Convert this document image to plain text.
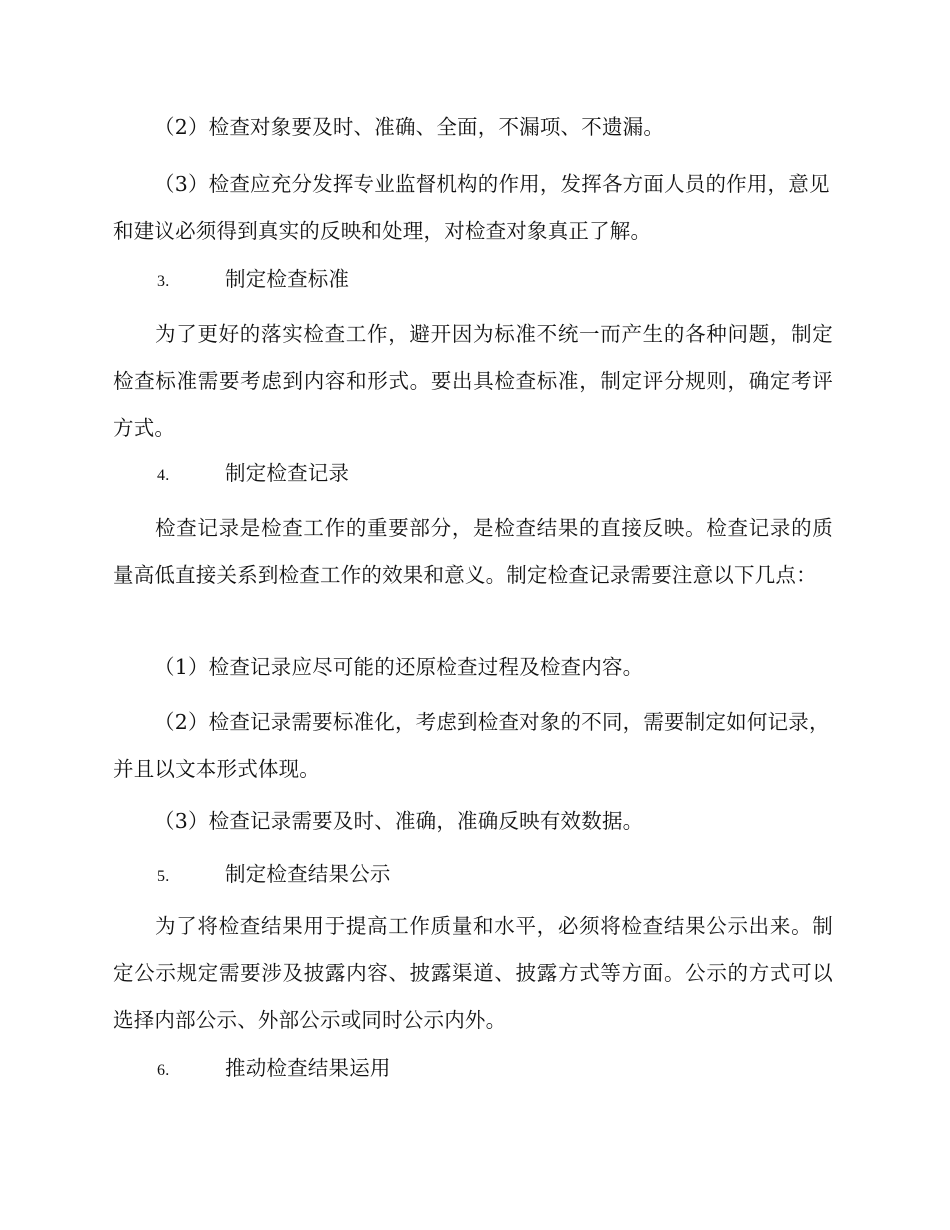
（2）检查对象要及时、准确、全面，不漏项、不遗漏。

（3）检查应充分发挥专业监督机构的作用，发挥各方面人员的作用，意见和建议必须得到真实的反映和处理，对检查对象真正了解。

3.	制定检查标准

为了更好的落实检查工作，避开因为标准不统一而产生的各种问题，制定检查标准需要考虑到内容和形式。要出具检查标准，制定评分规则，确定考评方式。

4.	制定检查记录

检查记录是检查工作的重要部分，是检查结果的直接反映。检查记录的质量高低直接关系到检查工作的效果和意义。制定检查记录需要注意以下几点：

（1）检查记录应尽可能的还原检查过程及检查内容。

（2）检查记录需要标准化，考虑到检查对象的不同，需要制定如何记录，并且以文本形式体现。

（3）检查记录需要及时、准确，准确反映有效数据。

5.	制定检查结果公示

为了将检查结果用于提高工作质量和水平，必须将检查结果公示出来。制定公示规定需要涉及披露内容、披露渠道、披露方式等方面。公示的方式可以选择内部公示、外部公示或同时公示内外。

6.	推动检查结果运用
